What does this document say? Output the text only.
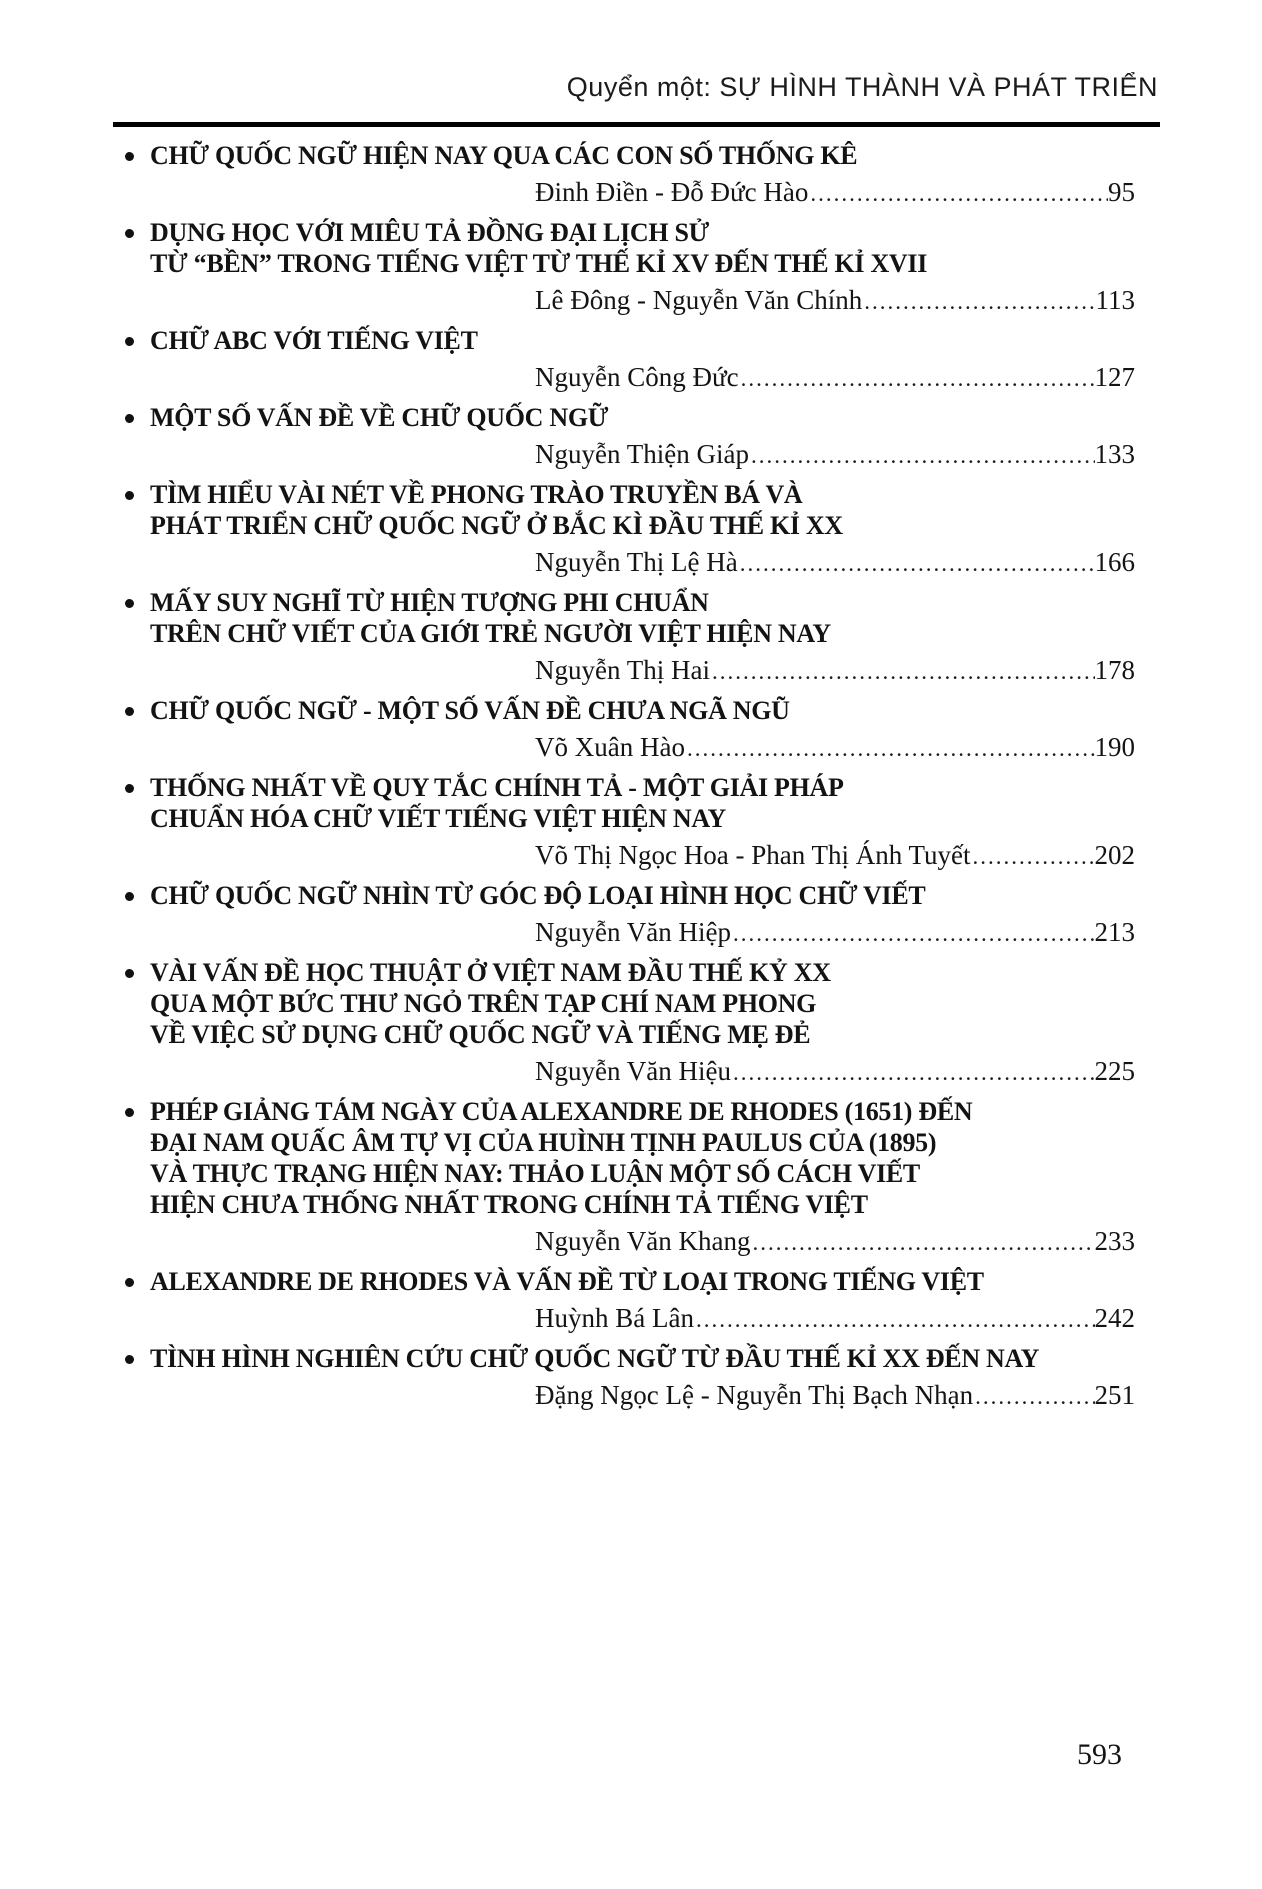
Quyển một: SỰ HÌNH THÀNH VÀ PHÁT TRIỂN
CHỮ QUỐC NGỮ HIỆN NAY QUA CÁC CON SỐ THỐNG KÊ
Đinh Điền - Đỗ Đức Hào .....	95
DỤNG HỌC VỚI MIÊU TẢ ĐỒNG ĐẠI LỊCH SỬ
TỪ “BỀN” TRONG TIẾNG VIỆT TỪ THẾ KỈ XV ĐẾN THẾ KỈ XVII
Lê Đông - Nguyễn Văn Chính .....	113
CHỮ ABC VỚI TIẾNG VIỆT
Nguyễn Công Đức .....	127
MỘT SỐ VẤN ĐỀ VỀ CHỮ QUỐC NGỮ
Nguyễn Thiện Giáp .....	133
TÌM HIỂU VÀI NÉT VỀ PHONG TRÀO TRUYỀN BÁ VÀ
PHÁT TRIỂN CHỮ QUỐC NGỮ Ở BẮC KÌ ĐẦU THẾ KỈ XX
Nguyễn Thị Lệ Hà .....	166
MẤY SUY NGHĨ TỪ HIỆN TƯỢNG PHI CHUẨN
TRÊN CHỮ VIẾT CỦA GIỚI TRẺ NGƯỜI VIỆT HIỆN NAY
Nguyễn Thị Hai .....	178
CHỮ QUỐC NGỮ - MỘT SỐ VẤN ĐỀ CHƯA NGÃ NGŨ
Võ Xuân Hào .....	190
THỐNG NHẤT VỀ QUY TẮC CHÍNH TẢ - MỘT GIẢI PHÁP
CHUẨN HÓA CHỮ VIẾT TIẾNG VIỆT HIỆN NAY
Võ Thị Ngọc Hoa - Phan Thị Ánh Tuyết .....	202
CHỮ QUỐC NGỮ NHÌN TỪ GÓC ĐỘ LOẠI HÌNH HỌC CHỮ VIẾT
Nguyễn Văn Hiệp .....	213
VÀI VẤN ĐỀ HỌC THUẬT Ở VIỆT NAM ĐẦU THẾ KỶ XX
QUA MỘT BỨC THƯ NGỎ TRÊN TẠP CHÍ NAM PHONG
VỀ VIỆC SỬ DỤNG CHỮ QUỐC NGỮ VÀ TIẾNG MẸ ĐẺ
Nguyễn Văn Hiệu .....	225
PHÉP GIẢNG TÁM NGÀY CỦA ALEXANDRE DE RHODES (1651) ĐẾN
ĐẠI NAM QUẤC ÂM TỰ VỊ CỦA HUÌNH TỊNH PAULUS CỦA (1895)
VÀ THỰC TRẠNG HIỆN NAY: THẢO LUẬN MỘT SỐ CÁCH VIẾT
HIỆN CHƯA THỐNG NHẤT TRONG CHÍNH TẢ TIẾNG VIỆT
Nguyễn Văn Khang .....	233
ALEXANDRE DE RHODES VÀ VẤN ĐỀ TỪ LOẠI TRONG TIẾNG VIỆT
Huỳnh Bá Lân .....	242
TÌNH HÌNH NGHIÊN CỨU CHỮ QUỐC NGỮ TỪ ĐẦU THẾ KỈ XX ĐẾN NAY
Đặng Ngọc Lệ - Nguyễn Thị Bạch Nhạn .....	251
593
